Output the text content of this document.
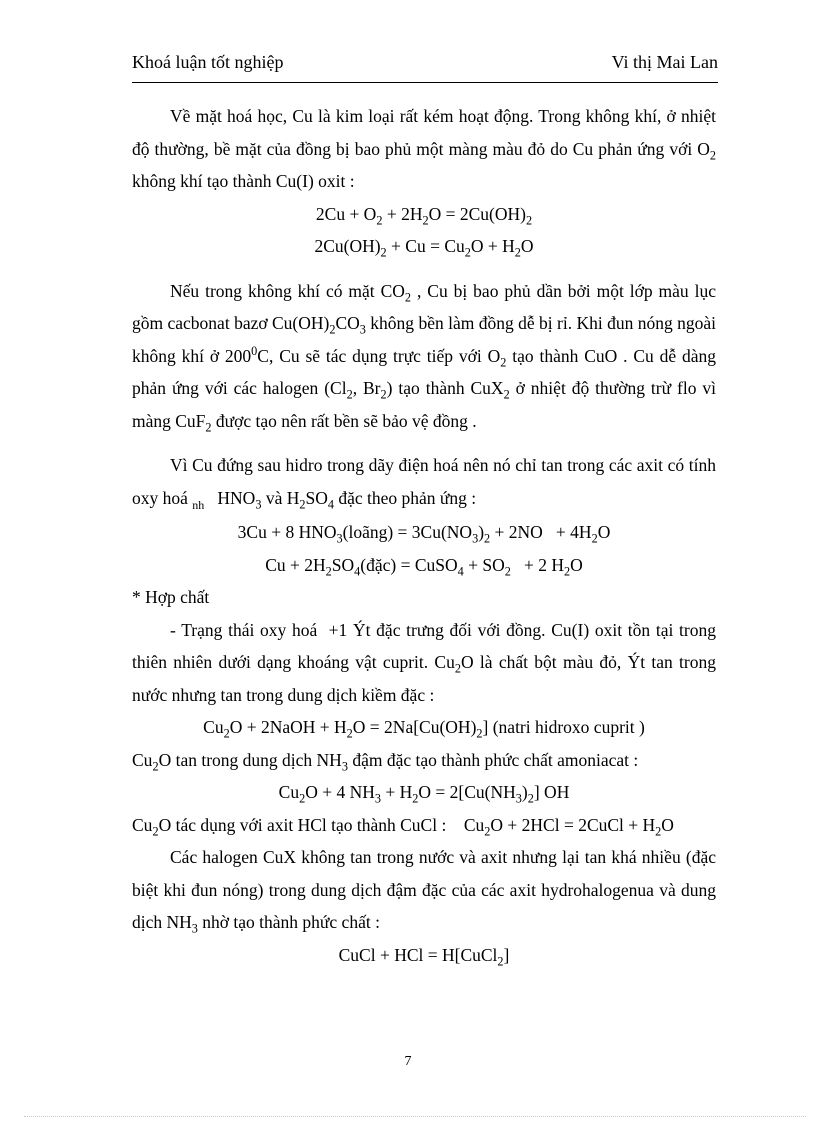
Khoá luận tốt nghiệp	Vi thị Mai Lan

Về mặt hoá học, Cu là kim loại rất kém hoạt động. Trong không khí, ở nhiệt độ thường, bề mặt của đồng bị bao phủ một màng màu đỏ do Cu phản ứng với $O_2$ không khí tạo thành Cu(I) oxit :

$2Cu + O_2 + 2H_2O = 2Cu(OH)_2$

$2Cu(OH)_2 + Cu = Cu_2O + H_2O$

Nếu trong không khí có mặt $CO_2$ , Cu bị bao phủ dần bởi một lớp màu lục gồm cacbonat bazơ $Cu(OH)_2CO_3$ không bền làm đồng dễ bị rỉ. Khi đun nóng ngoài không khí ở $200^0C$, Cu sẽ tác dụng trực tiếp với $O_2$ tạo thành CuO . Cu dễ dàng phản ứng với các halogen ($Cl_2$, $Br_2$) tạo thành CuX$_2$ ở nhiệt độ thường trừ flo vì màng CuF$_2$ được tạo nên rất bền sẽ bảo vệ đồng .

Vì Cu đứng sau hidro trong dãy điện hoá nên nó chỉ tan trong các axit có tính oxy hoá $_{nh}$   $HNO_3$ và $H_2SO_4$ đặc theo phản ứng :

3Cu + 8 $HNO_3(loãng) = 3Cu(NO_3)_2 + 2NO + 4H_2O$

$Cu + 2H_2SO_4(đặc)$ = CuSO$_4$ + $SO_2 + 2$ $H_2O$

* Hợp chất

- Trạng thái oxy hoá  +1 Ýt đặc trưng đối với đồng. Cu(I) oxit tồn tại trong thiên nhiên dưới dạng khoáng vật cuprit. $Cu_2O$ là chất bột màu đỏ, Ýt tan trong nước nhưng tan trong dung dịch kiềm đặc :

$Cu_2O$ + 2NaOH + $H_2O = 2Na[Cu(OH)_2]$ (natri hidroxo cuprit )

$Cu_2O$ tan trong dung dịch $NH_3$ đậm đặc tạo thành phức chất amoniacat :

$Cu_2O + 4$ $NH_3 + H_2O = 2[Cu(NH_3)_2]$ OH

$Cu_2O$ tác dụng với axit HCl tạo thành CuCl :    $Cu_2O + 2HCl$ = 2CuCl + $H_2O$

Các halogen CuX không tan trong nước và axit nhưng lại tan khá nhiều (đặc biệt khi đun nóng) trong dung dịch đậm đặc của các axit hydrohalogenua và dung dịch $NH_3$ nhờ tạo thành phức chất :

CuCl + HCl = H[CuCl$_2$]

7
